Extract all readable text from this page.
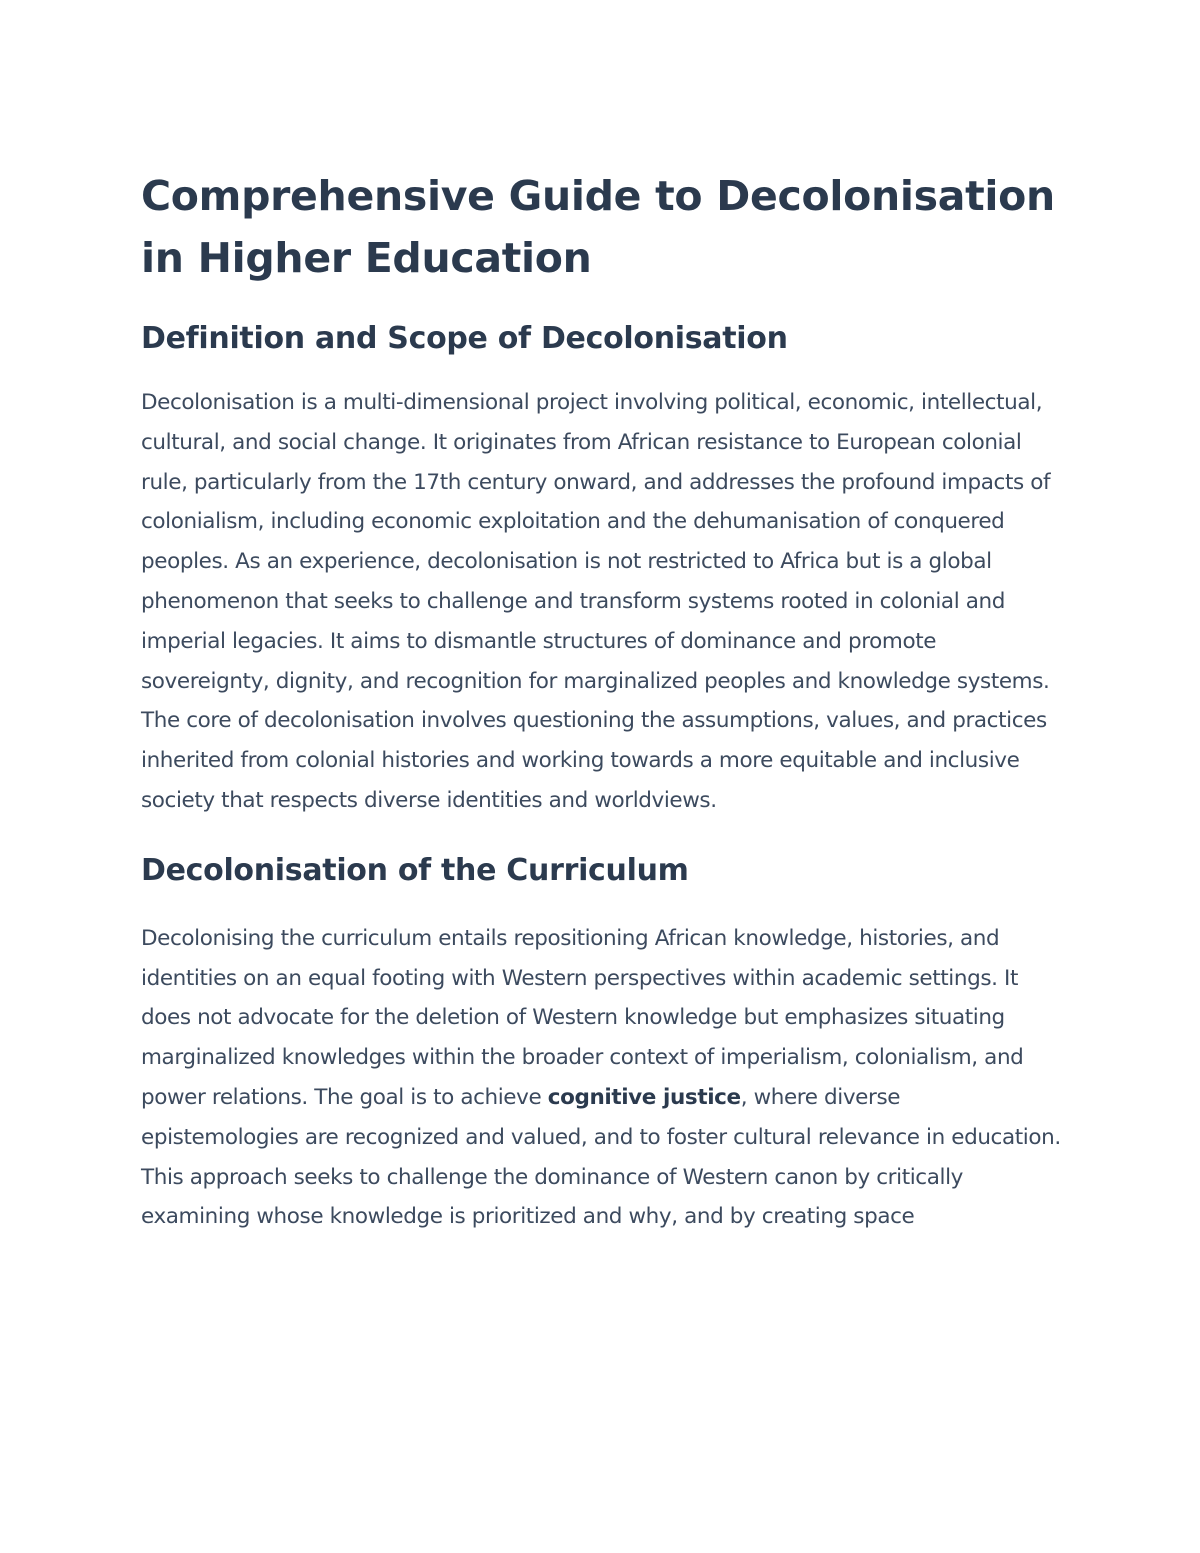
Comprehensive Guide to Decolonisation in Higher Education
Definition and Scope of Decolonisation

Decolonisation is a multi-dimensional project involving political, economic, intellectual, cultural, and social change. It originates from African resistance to European colonial rule, particularly from the 17th century onward, and addresses the profound impacts of colonialism, including economic exploitation and the dehumanisation of conquered peoples. As an experience, decolonisation is not restricted to Africa but is a global phenomenon that seeks to challenge and transform systems rooted in colonial and imperial legacies. It aims to dismantle structures of dominance and promote sovereignty, dignity, and recognition for marginalized peoples and knowledge systems. The core of decolonisation involves questioning the assumptions, values, and practices inherited from colonial histories and working towards a more equitable and inclusive society that respects diverse identities and worldviews.

Decolonisation of the Curriculum

Decolonising the curriculum entails repositioning African knowledge, histories, and identities on an equal footing with Western perspectives within academic settings. It does not advocate for the deletion of Western knowledge but emphasizes situating marginalized knowledges within the broader context of imperialism, colonialism, and power relations. The goal is to achieve cognitive justice, where diverse epistemologies are recognized and valued, and to foster cultural relevance in education. This approach seeks to challenge the dominance of Western canon by critically examining whose knowledge is prioritized and why, and by creating space
